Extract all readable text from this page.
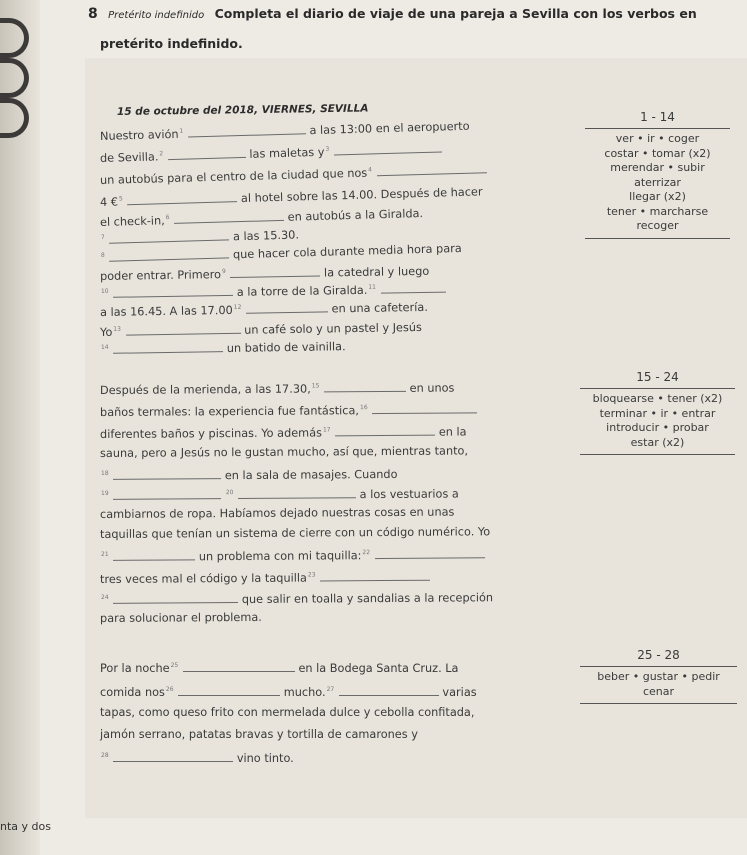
8 Pretérito indefinido Completa el diario de viaje de una pareja a Sevilla con los verbos en
pretérito indefinido.
15 de octubre del 2018, VIERNES, SEVILLA
Nuestro avión$^1$	a las 13:00 en el aeropuerto
de Sevilla.$^2$	las maletas $y^3$
un autobús para el centro de la ciudad que nos$^4$
4 €$^5$	al hotel sobre las 14.00. Después de hacer
el check-in,$^6$	en autobús a la Giralda.
$^7$	a las 15.30.
$^8$	que hacer cola durante media hora para
poder entrar. Primero$^9$	la catedral y luego
$^{10}$	a la torre de la Giralda.$^{11}$
a las 16.45. A las 17.00$^{12}$	en una cafetería.
Yo$^{13}$	un café solo y un pastel y Jesús
$^{14}$	un batido de vainilla.
Después de la merienda, a las 17.30,15	en unos
baños termales: la experiencia fue fantástica,$^{16}$
diferentes baños y piscinas. Yo además$^{17}$	en la
sauna, pero a Jesús no le gustan mucho, así que, mientras tanto,
$^{18}$	en la sala de masajes. Cuando
$^{19}$	$^{20}$	a los vestuarios a
cambiarnos de ropa. Habíamos dejado nuestras cosas en unas
taquillas que tenían un sistema de cierre con un código numérico. Yo
$^{21}$	un problema con mi taquilla:$^{22}$
tres veces mal el código y la taquilla$^{23}$
$^{24}$	que salir en toalla y sandalias a la recepción
para solucionar el problema.
Por la noche$^{25}$	en la Bodega Santa Cruz. La
comida nos$^{26}$	mucho.$^{27}$	varias
tapas, como queso frito con mermelada dulce y cebolla confitada,
jamón serrano, patatas bravas y tortilla de camarones y
$^{28}$	vino tinto.
1 - 14
ver • ir • coger
costar • tomar (x2)
merendar • subir
aterrizar
llegar (x2)
tener • marcharse
recoger
15 - 24
bloquearse • tener (x2)
terminar • ir • entrar
introducir • probar
estar (x2)
25 - 28
beber • gustar • pedir
cenar
nta y dos
